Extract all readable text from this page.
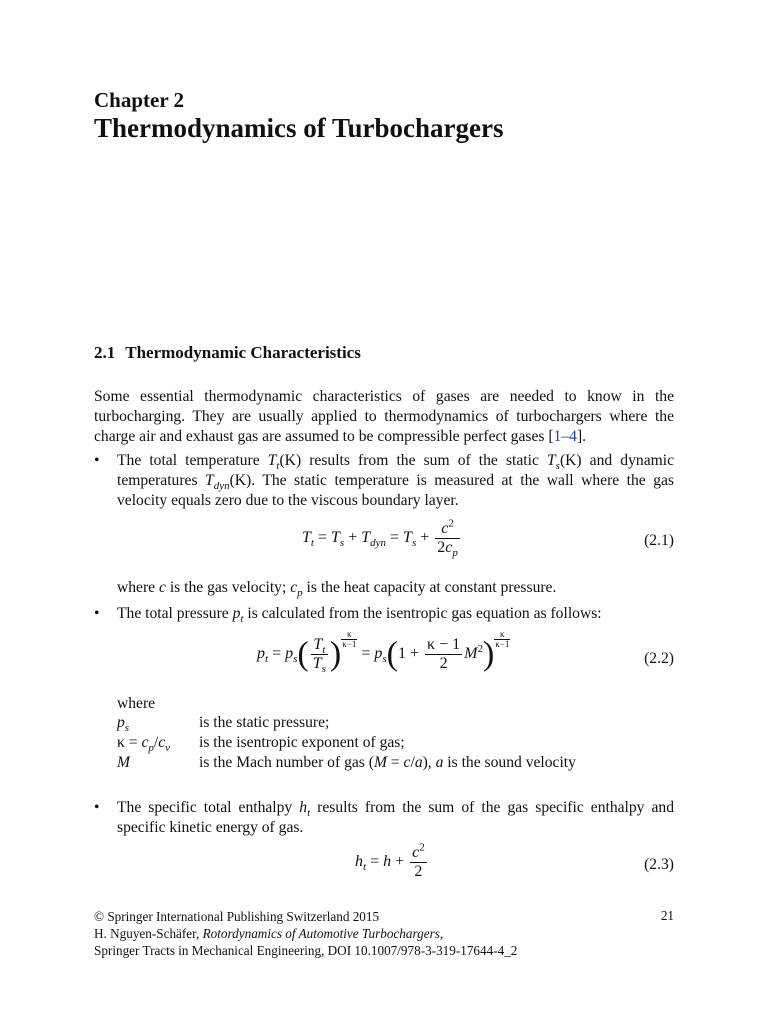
Chapter 2
Thermodynamics of Turbochargers
2.1 Thermodynamic Characteristics
Some essential thermodynamic characteristics of gases are needed to know in the turbocharging. They are usually applied to thermodynamics of turbochargers where the charge air and exhaust gas are assumed to be compressible perfect gases [1–4].
• The total temperature $T_t(K)$ results from the sum of the static $T_s(K)$ and dynamic temperatures $T_{dyn}(K)$. The static temperature is measured at the wall where the gas velocity equals zero due to the viscous boundary layer.
$T_t = T_s + T_{dyn} = T_s + \frac{c^2}{2c_p}$	(2.1)
where c is the gas velocity; $c_p$ is the heat capacity at constant pressure.
• The total pressure $p_t$ is calculated from the isentropic gas equation as follows:
$p_t = p_s( \frac{T_t}{T_s}$ ) $\frac{\kappa}{\kappa-1}$
= $p_s(1 + \frac{\kappa - 1}{2} M^2) \frac{\kappa}{\kappa-1}$
(2.2)
where
$p_s$	is the static pressure;
$\kappa = c_p/c_v$	is the isentropic exponent of gas;
M	is the Mach number of gas (M = c/a), a is the sound velocity
• The specific total enthalpy $h_t$ results from the sum of the gas specific enthalpy and specific kinetic energy of gas.
$h_t = h + \frac{c^2}{2}$	(2.3)
© Springer International Publishing Switzerland 2015
H. Nguyen-Schäfer, Rotordynamics of Automotive Turbochargers,
Springer Tracts in Mechanical Engineering, DOI 10.1007/978-3-319-17644-4_2
21
